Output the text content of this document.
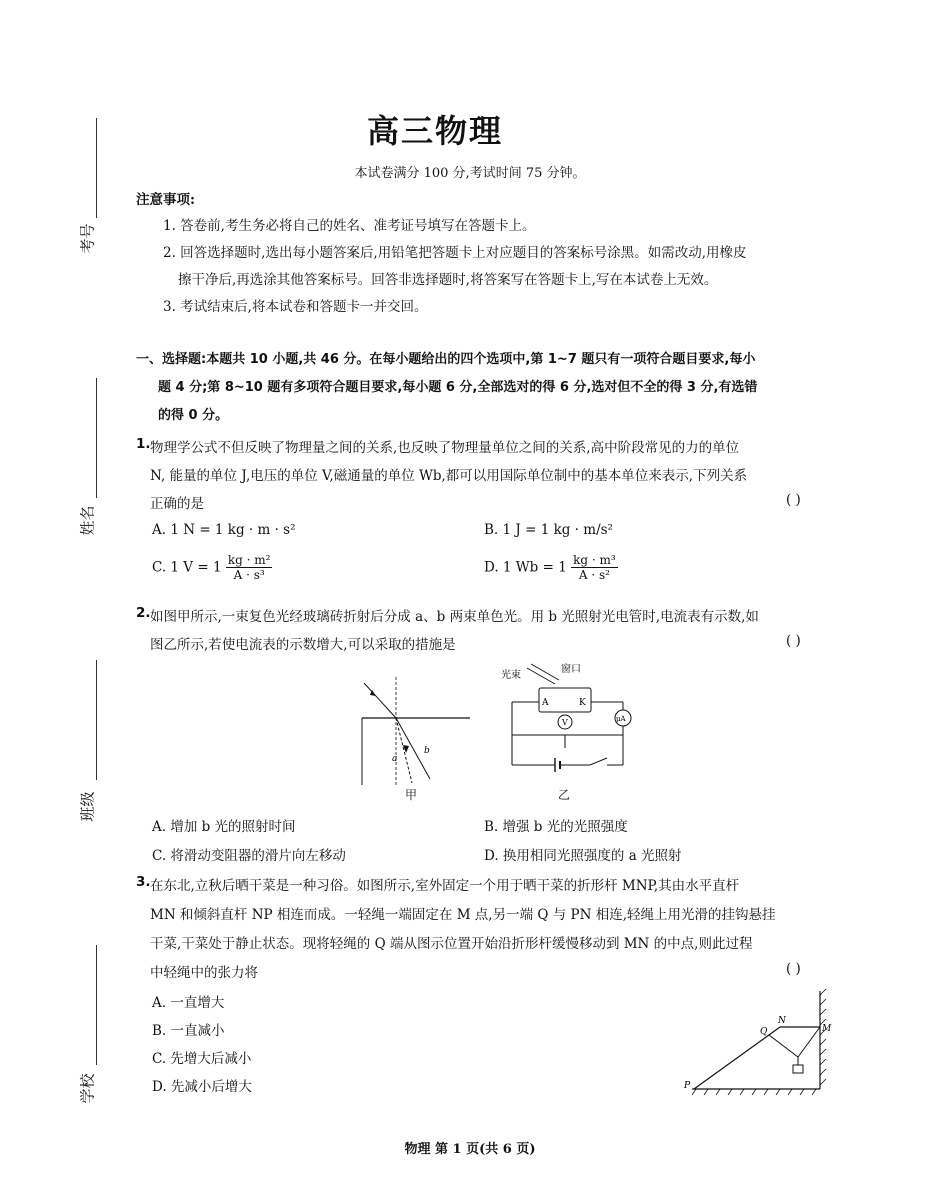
考号
姓名
班级
学校
高三物理
本试卷满分 100 分,考试时间 75 分钟。
注意事项:
1. 答卷前,考生务必将自己的姓名、准考证号填写在答题卡上。
2. 回答选择题时,选出每小题答案后,用铅笔把答题卡上对应题目的答案标号涂黑。如需改动,用橡皮
擦干净后,再选涂其他答案标号。回答非选择题时,将答案写在答题卡上,写在本试卷上无效。
3. 考试结束后,将本试卷和答题卡一并交回。
一、选择题:本题共 10 小题,共 46 分。在每小题给出的四个选项中,第 1~7 题只有一项符合题目要求,每小
题 4 分;第 8~10 题有多项符合题目要求,每小题 6 分,全部选对的得 6 分,选对但不全的得 3 分,有选错
的得 0 分。
1. 物理学公式不但反映了物理量之间的关系,也反映了物理量单位之间的关系,高中阶段常见的力的单位
N, 能量的单位 J,电压的单位 V,磁通量的单位 Wb,都可以用国际单位制中的基本单位来表示,下列关系
正确的是	( )
A. 1 N = 1 kg · m · s²	B. 1 J = 1 kg · m/s²
C. 1 $V = 1 \frac{\text{kg · m²}}{\text{A · s³}}$	D. 1 $Wb = 1 \frac{\text{kg · m³}}{\text{A · s²}}$
2. 如图甲所示,一束复色光经玻璃砖折射后分成 a、b 两束单色光。用 b 光照射光电管时,电流表有示数,如
图乙所示,若使电流表的示数增大,可以采取的措施是	( )
a
b
甲
光束
窗口
A	K
μA
V
乙
A. 增加 b 光的照射时间	B. 增强 b 光的光照强度
C. 将滑动变阻器的滑片向左移动	D. 换用相同光照强度的 a 光照射
3. 在东北,立秋后晒干菜是一种习俗。如图所示,室外固定一个用于晒干菜的折形杆 MNP,其由水平直杆
MN 和倾斜直杆 NP 相连而成。一轻绳一端固定在 M 点,另一端 Q 与 PN 相连,轻绳上用光滑的挂钩悬挂
干菜,干菜处于静止状态。现将轻绳的 Q 端从图示位置开始沿折形杆缓慢移动到 MN 的中点,则此过程
中轻绳中的张力将	( )
A. 一直增大
B. 一直减小
C. 先增大后减小
D. 先减小后增大	P
Q
N
M
物理 第 1 页(共 6 页)
